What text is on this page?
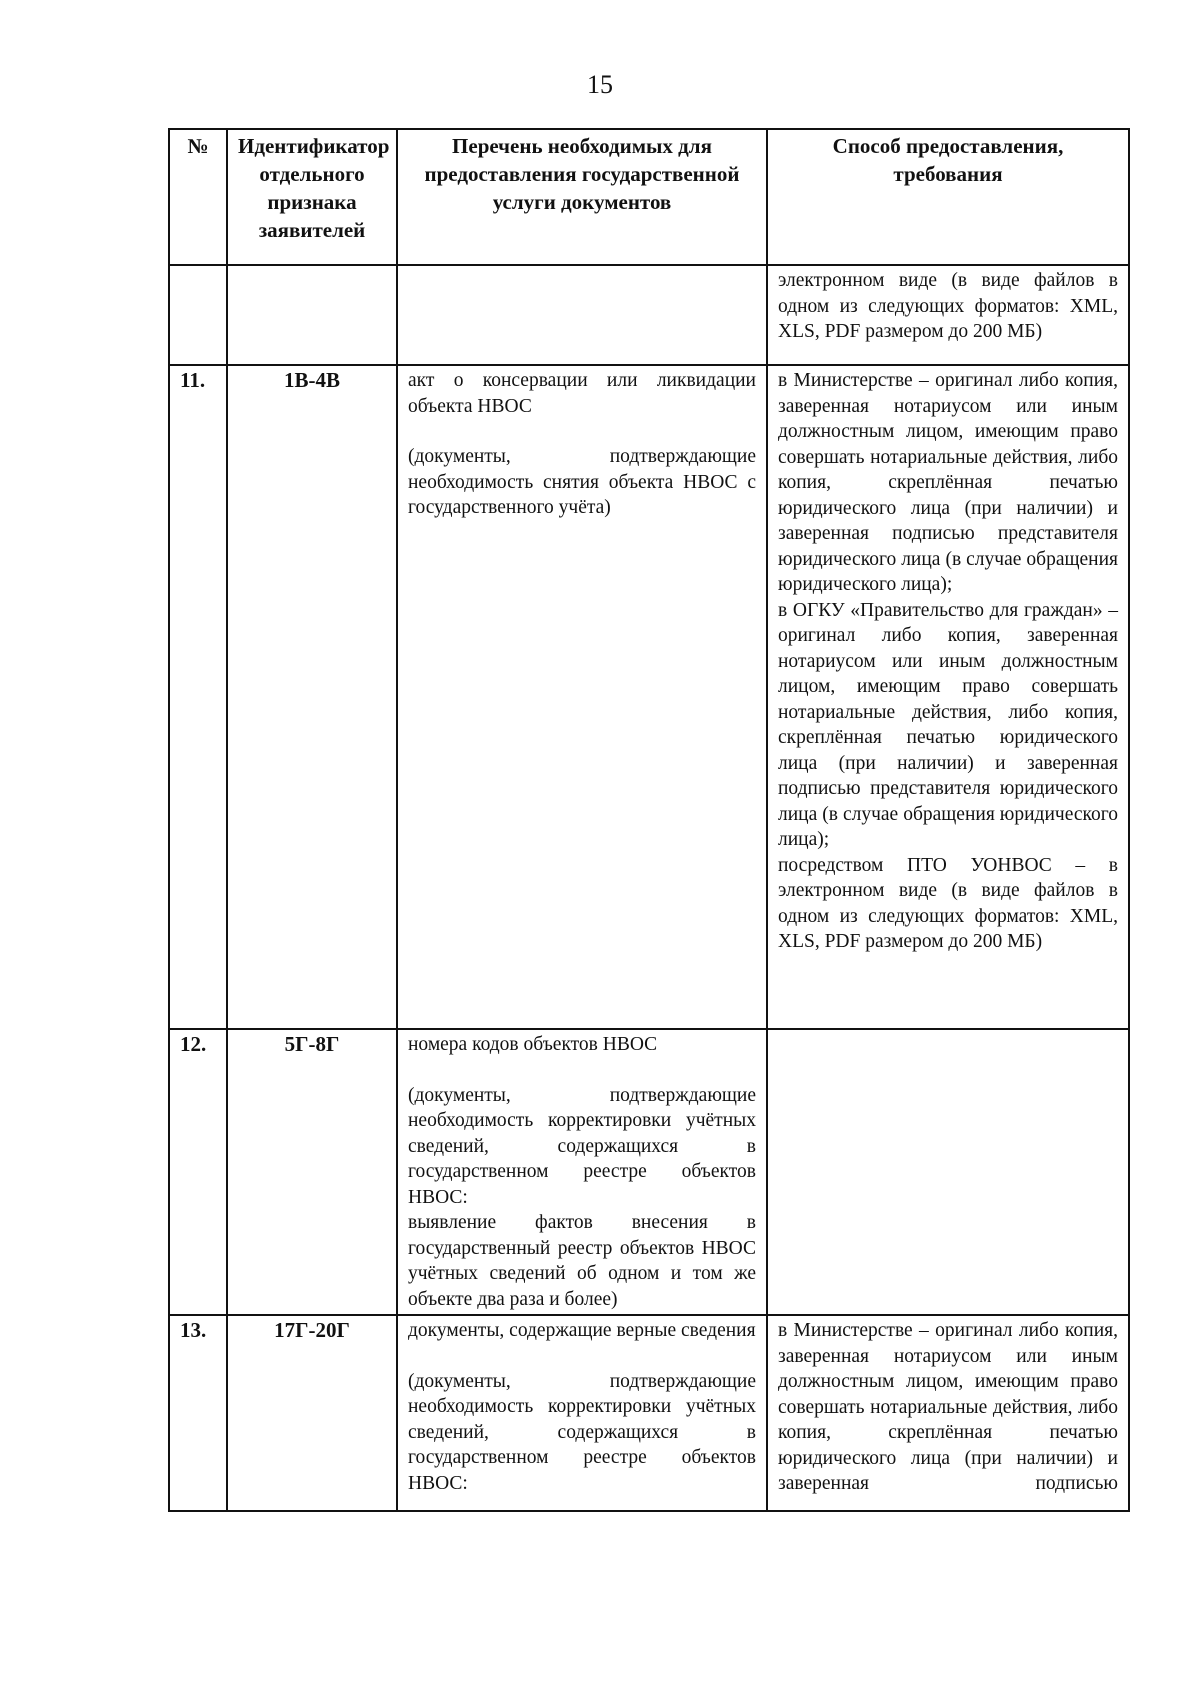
15
№	Идентификатор отдельного признака заявителей	Перечень необходимых для предоставления государственной услуги документов	Способ предоставления, требования

			электронном виде (в виде файлов в одном из следующих форматов: XML, XLS, PDF размером до 200 МБ)

11.	1В-4В	акт о консервации или ликвидации объекта НВОС
(документы, подтверждающие необходимость снятия объекта НВОС с государственного учёта)	в Министерстве – оригинал либо копия, заверенная нотариусом или иным должностным лицом, имеющим право совершать нотариальные действия, либо копия, скреплённая печатью юридического лица (при наличии) и заверенная подписью представителя юридического лица (в случае обращения юридического лица);
в ОГКУ «Правительство для граждан» – оригинал либо копия, заверенная нотариусом или иным должностным лицом, имеющим право совершать нотариальные действия, либо копия, скреплённая печатью юридического лица (при наличии) и заверенная подписью представителя юридического лица (в случае обращения юридического лица);
посредством ПТО УОНВОС – в электронном виде (в виде файлов в одном из следующих форматов: XML, XLS, PDF размером до 200 МБ)

12.	5Г-8Г	номера кодов объектов НВОС
(документы, подтверждающие необходимость корректировки учётных сведений, содержащихся в государственном реестре объектов НВОС:
выявление фактов внесения в государственный реестр объектов НВОС учётных сведений об одном и том же объекте два раза и более)	

13.	17Г-20Г	документы, содержащие верные сведения
(документы, подтверждающие необходимость корректировки учётных сведений, содержащихся в государственном реестре объектов НВОС:	в Министерстве – оригинал либо копия, заверенная нотариусом или иным должностным лицом, имеющим право совершать нотариальные действия, либо копия, скреплённая печатью юридического лица (при наличии) и заверенная подписью
